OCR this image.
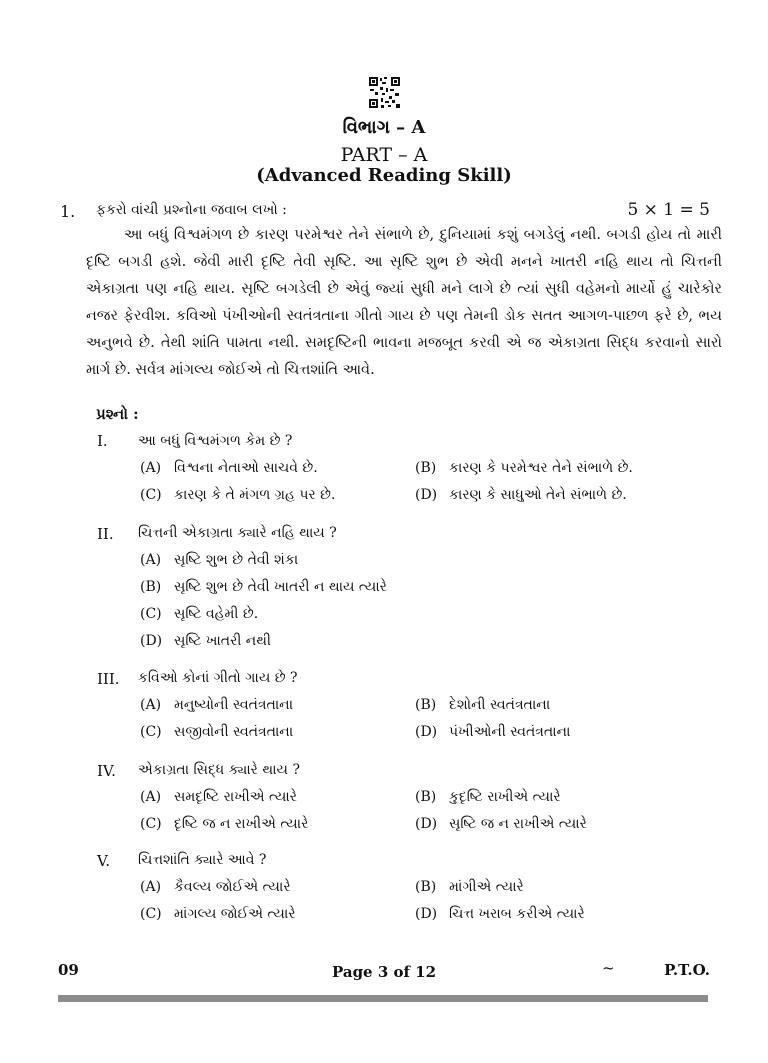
વિભાગ – A
PART – A
(Advanced Reading Skill)
1. ફકરો વાંચી પ્રશ્નોના જવાબ લખો :	5 × 1 = 5
આ બધું વિશ્વમંગળ છે કારણ પરમેશ્વર તેને સંભાળે છે, દુનિયામાં કશું બગડેલું નથી. બગડી હોય તો મારી દૃષ્ટિ બગડી હશે. જેવી મારી દૃષ્ટિ તેવી સૃષ્ટિ. આ સૃષ્ટિ શુભ છે એવી મનને ખાતરી નહિ થાય તો ચિત્તની એકાગ્રતા પણ નહિ થાય. સૃષ્ટિ બગડેલી છે એવું જ્યાં સુધી મને લાગે છે ત્યાં સુધી વહેમનો માર્યો હું ચારેકોર નજર ફેરવીશ. કવિઓ પંખીઓની સ્વતંત્રતાના ગીતો ગાય છે પણ તેમની ડોક સતત આગળ-પાછળ ફરે છે, ભય અનુભવે છે. તેથી શાંતિ પામતા નથી. સમદૃષ્ટિની ભાવના મજબૂત કરવી એ જ એકાગ્રતા સિદ્ધ કરવાનો સારો માર્ગ છે. સર્વત્ર માંગલ્ય જોઈએ તો ચિત્તશાંતિ આવે.
પ્રશ્નો :
I. આ બધું વિશ્વમંગળ કેમ છે ?
(A) વિશ્વના નેતાઓ સાચવે છે.	(B) કારણ કે પરમેશ્વર તેને સંભાળે છે.
(C) કારણ કે તે મંગળ ગ્રહ પર છે.	(D) કારણ કે સાધુઓ તેને સંભાળે છે.
II. ચિત્તની એકાગ્રતા ક્યારે નહિ થાય ?
(A) સૃષ્ટિ શુભ છે તેવી શંકા
(B) સૃષ્ટિ શુભ છે તેવી ખાતરી ન થાય ત્યારે
(C) સૃષ્ટિ વહેમી છે.
(D) સૃષ્ટિ ખાતરી નથી
III. કવિઓ કોનાં ગીતો ગાય છે ?
(A) મનુષ્યોની સ્વતંત્રતાના	(B) દેશોની સ્વતંત્રતાના
(C) સજીવોની સ્વતંત્રતાના	(D) પંખીઓની સ્વતંત્રતાના
IV. એકાગ્રતા સિદ્ધ ક્યારે થાય ?
(A) સમદૃષ્ટિ રાખીએ ત્યારે	(B) કુદૃષ્ટિ રાખીએ ત્યારે
(C) દૃષ્ટિ જ ન રાખીએ ત્યારે	(D) સૃષ્ટિ જ ન રાખીએ ત્યારે
V. ચિત્તશાંતિ ક્યારે આવે ?
(A) કૈવલ્ય જોઈએ ત્યારે	(B) માંગીએ ત્યારે
(C) માંગલ્ય જોઈએ ત્યારે	(D) ચિત્ત ખરાબ કરીએ ત્યારે
09	Page 3 of 12	~	P.T.O.
